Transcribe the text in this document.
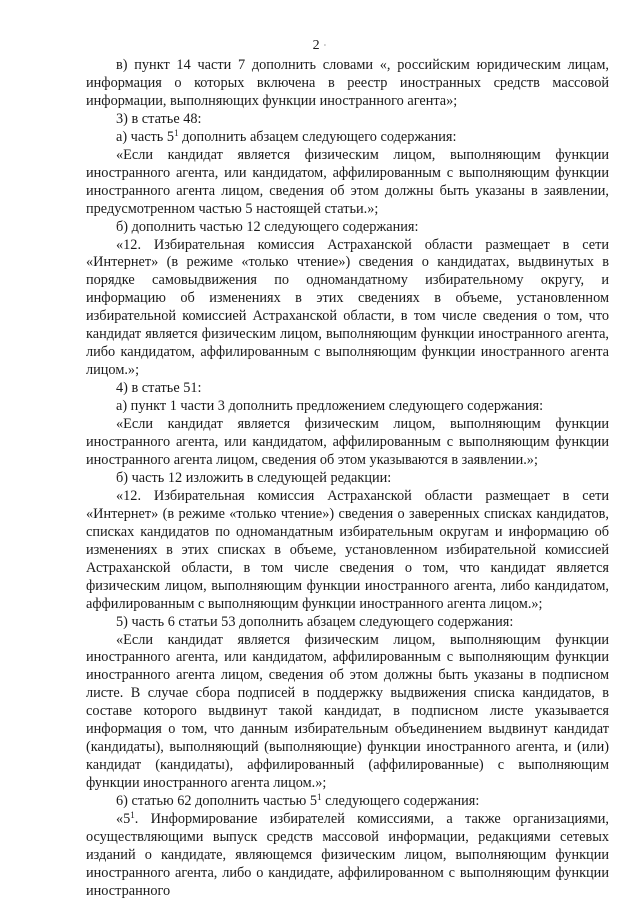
2 ·

в) пункт 14 части 7 дополнить словами «, российским юридическим лицам, информация о которых включена в реестр иностранных средств массовой информации, выполняющих функции иностранного агента»;

3) в статье 48:

а) часть $5^1$ дополнить абзацем следующего содержания:

«Если кандидат является физическим лицом, выполняющим функции иностранного агента, или кандидатом, аффилированным с выполняющим функции иностранного агента лицом, сведения об этом должны быть указаны в заявлении, предусмотренном частью 5 настоящей статьи.»;

б) дополнить частью 12 следующего содержания:

«12. Избирательная комиссия Астраханской области размещает в сети «Интернет» (в режиме «только чтение») сведения о кандидатах, выдвинутых в порядке самовыдвижения по одномандатному избирательному округу, и информацию об изменениях в этих сведениях в объеме, установленном избирательной комиссией Астраханской области, в том числе сведения о том, что кандидат является физическим лицом, выполняющим функции иностранного агента, либо кандидатом, аффилированным с выполняющим функции иностранного агента лицом.»;

4) в статье 51:

а) пункт 1 части 3 дополнить предложением следующего содержания:

«Если кандидат является физическим лицом, выполняющим функции иностранного агента, или кандидатом, аффилированным с выполняющим функции иностранного агента лицом, сведения об этом указываются в заявлении.»;

б) часть 12 изложить в следующей редакции:

«12. Избирательная комиссия Астраханской области размещает в сети «Интернет» (в режиме «только чтение») сведения о заверенных списках кандидатов, списках кандидатов по одномандатным избирательным округам и информацию об изменениях в этих списках в объеме, установленном избирательной комиссией Астраханской области, в том числе сведения о том, что кандидат является физическим лицом, выполняющим функции иностранного агента, либо кандидатом, аффилированным с выполняющим функции иностранного агента лицом.»;

5) часть 6 статьи 53 дополнить абзацем следующего содержания:

«Если кандидат является физическим лицом, выполняющим функции иностранного агента, или кандидатом, аффилированным с выполняющим функции иностранного агента лицом, сведения об этом должны быть указаны в подписном листе. В случае сбора подписей в поддержку выдвижения списка кандидатов, в составе которого выдвинут такой кандидат, в подписном листе указывается информация о том, что данным избирательным объединением выдвинут кандидат (кандидаты), выполняющий (выполняющие) функции иностранного агента, и (или) кандидат (кандидаты), аффилированный (аффилированные) с выполняющим функции иностранного агента лицом.»;

6) статью 62 дополнить частью $5^1$ следующего содержания:

«$5^1$. Информирование избирателей комиссиями, а также организациями, осуществляющими выпуск средств массовой информации, редакциями сетевых изданий о кандидате, являющемся физическим лицом, выполняющим функции иностранного агента, либо о кандидате, аффилированном с выполняющим функции иностранного
